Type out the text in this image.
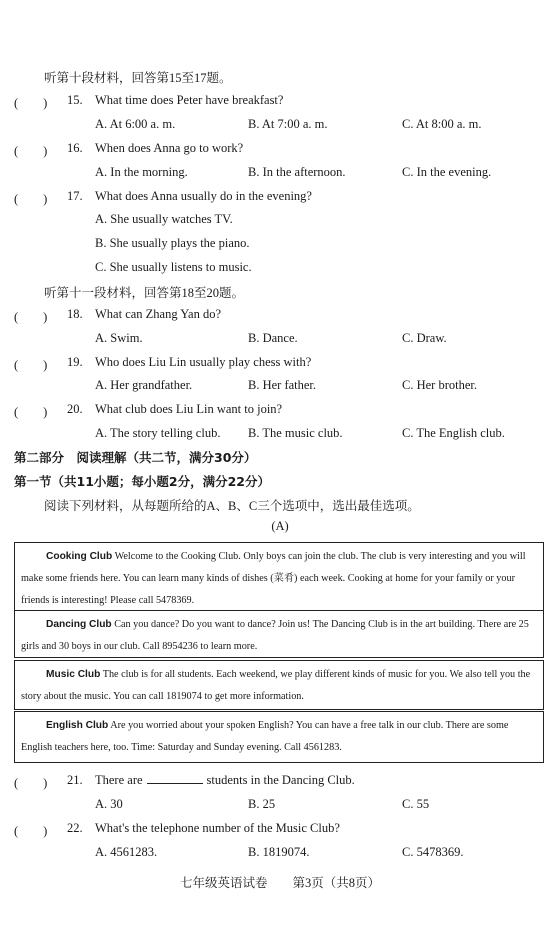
听第十段材料，回答第15至17题。
(　　) 15. What time does Peter have breakfast?
A. At 6:00 a. m.	B. At 7:00 a. m.	C. At 8:00 a. m.
(　　) 16. When does Anna go to work?
A. In the morning.	B. In the afternoon.	C. In the evening.
(　　) 17. What does Anna usually do in the evening?
A. She usually watches TV.
B. She usually plays the piano.
C. She usually listens to music.
听第十一段材料，回答第18至20题。
(　　) 18. What can Zhang Yan do?
A. Swim.	B. Dance.	C. Draw.
(　　) 19. Who does Liu Lin usually play chess with?
A. Her grandfather.	B. Her father.	C. Her brother.
(　　) 20. What club does Liu Lin want to join?
A. The story telling club. B. The music club.	C. The English club.
第二部分　阅读理解（共二节，满分30分）
第一节（共11小题；每小题2分，满分22分）
阅读下列材料，从每题所给的A、B、C三个选项中，选出最佳选项。
(A)
Cooking Club Welcome to the Cooking Club. Only boys can join the club. The club is very interesting and you will make some friends here. You can learn many kinds of dishes (菜肴) each week. Cooking at home for your family or your friends is interesting! Please call 5478369.
Dancing Club Can you dance? Do you want to dance? Join us! The Dancing Club is in the art building. There are 25 girls and 30 boys in our club. Call 8954236 to learn more.
Music Club The club is for all students. Each weekend, we play different kinds of music for you. We also tell you the story about the music. You can call 1819074 to get more information.
English Club Are you worried about your spoken English? You can have a free talk in our club. There are some English teachers here, too. Time: Saturday and Sunday evening. Call 4561283.
(　　) 21. There are	students in the Dancing Club.
A. 30	B. 25	C. 55
(　　) 22. What's the telephone number of the Music Club?
A. 4561283.	B. 1819074.	C. 5478369.
七年级英语试卷　　第3页（共8页）
